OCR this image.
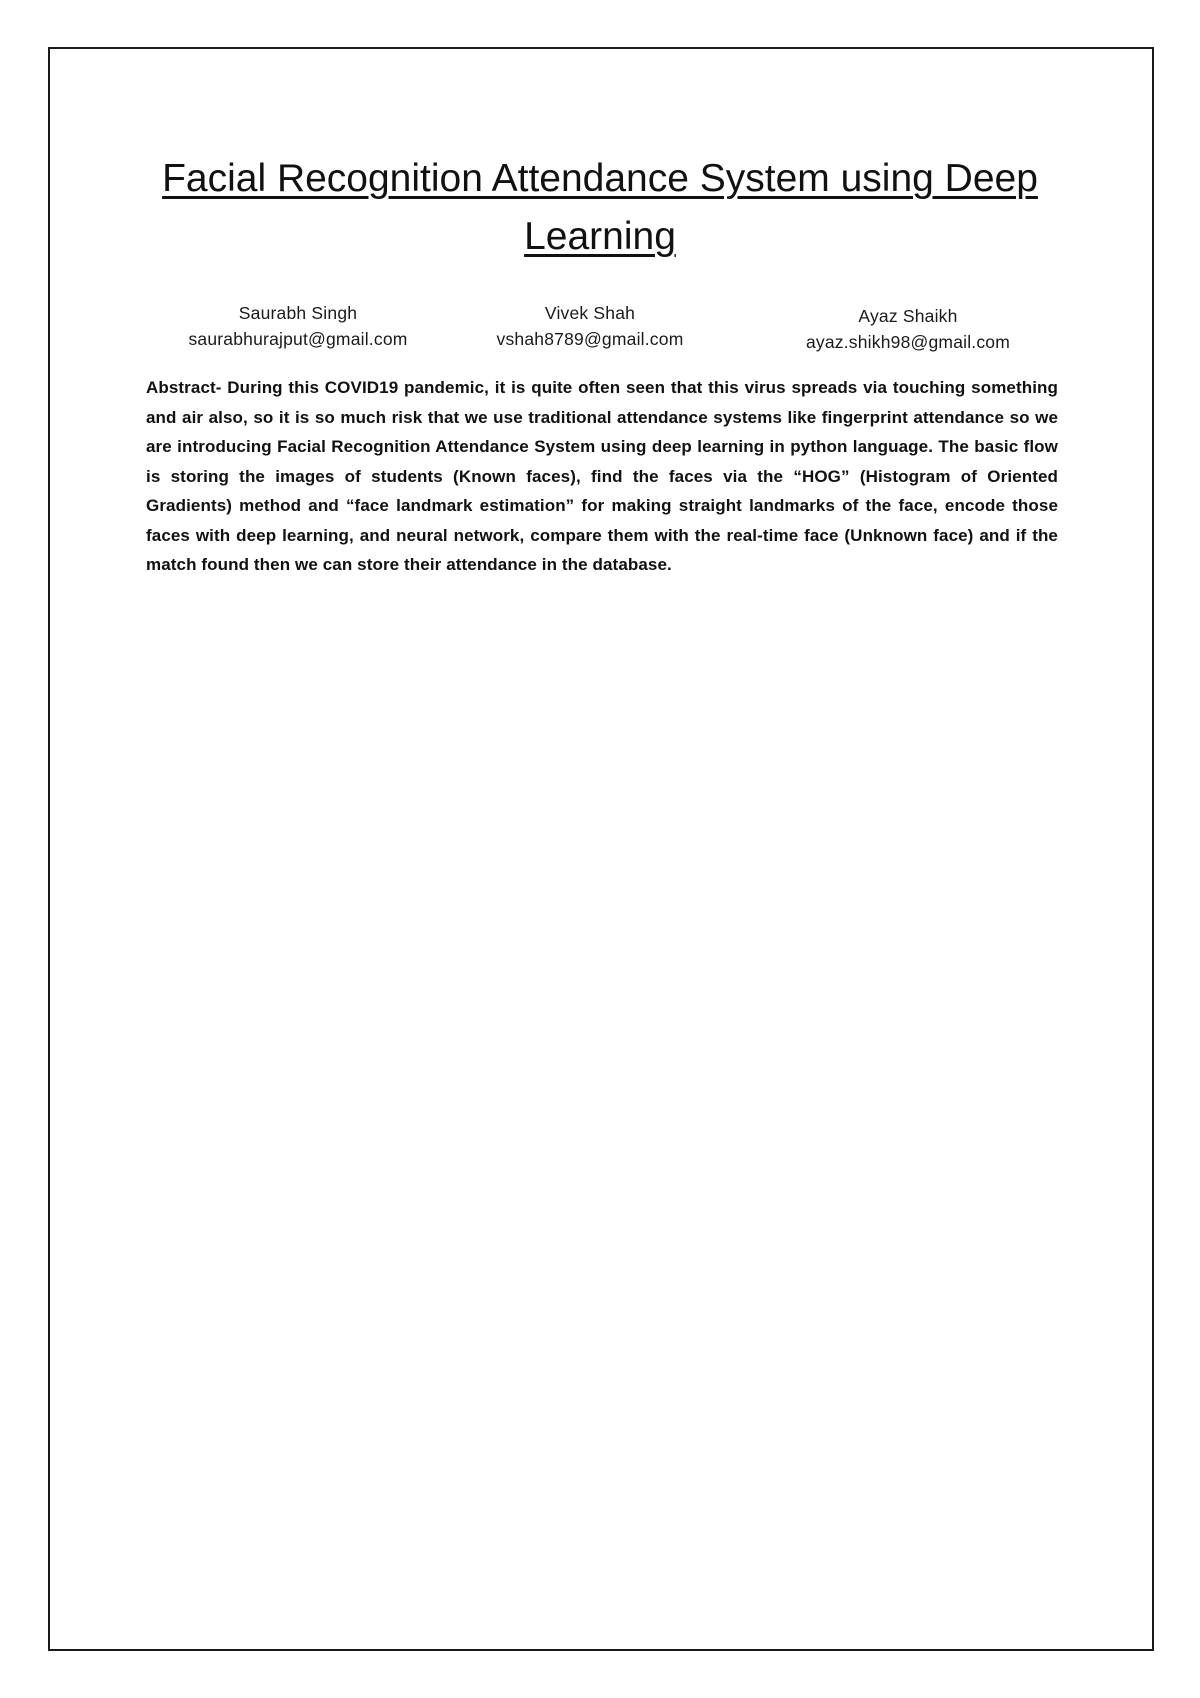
Facial Recognition Attendance System using Deep Learning
Saurabh Singh
saurabhurajput@gmail.com
Vivek Shah
vshah8789@gmail.com
Ayaz Shaikh
ayaz.shikh98@gmail.com

Abstract- During this COVID19 pandemic, it is quite often seen that this virus spreads via touching something and air also, so it is so much risk that we use traditional attendance systems like fingerprint attendance so we are introducing Facial Recognition Attendance System using deep learning in python language. The basic flow is storing the images of students (Known faces), find the faces via the “HOG” (Histogram of Oriented Gradients) method and “face landmark estimation” for making straight landmarks of the face, encode those faces with deep learning, and neural network, compare them with the real-time face (Unknown face) and if the match found then we can store their attendance in the database.
